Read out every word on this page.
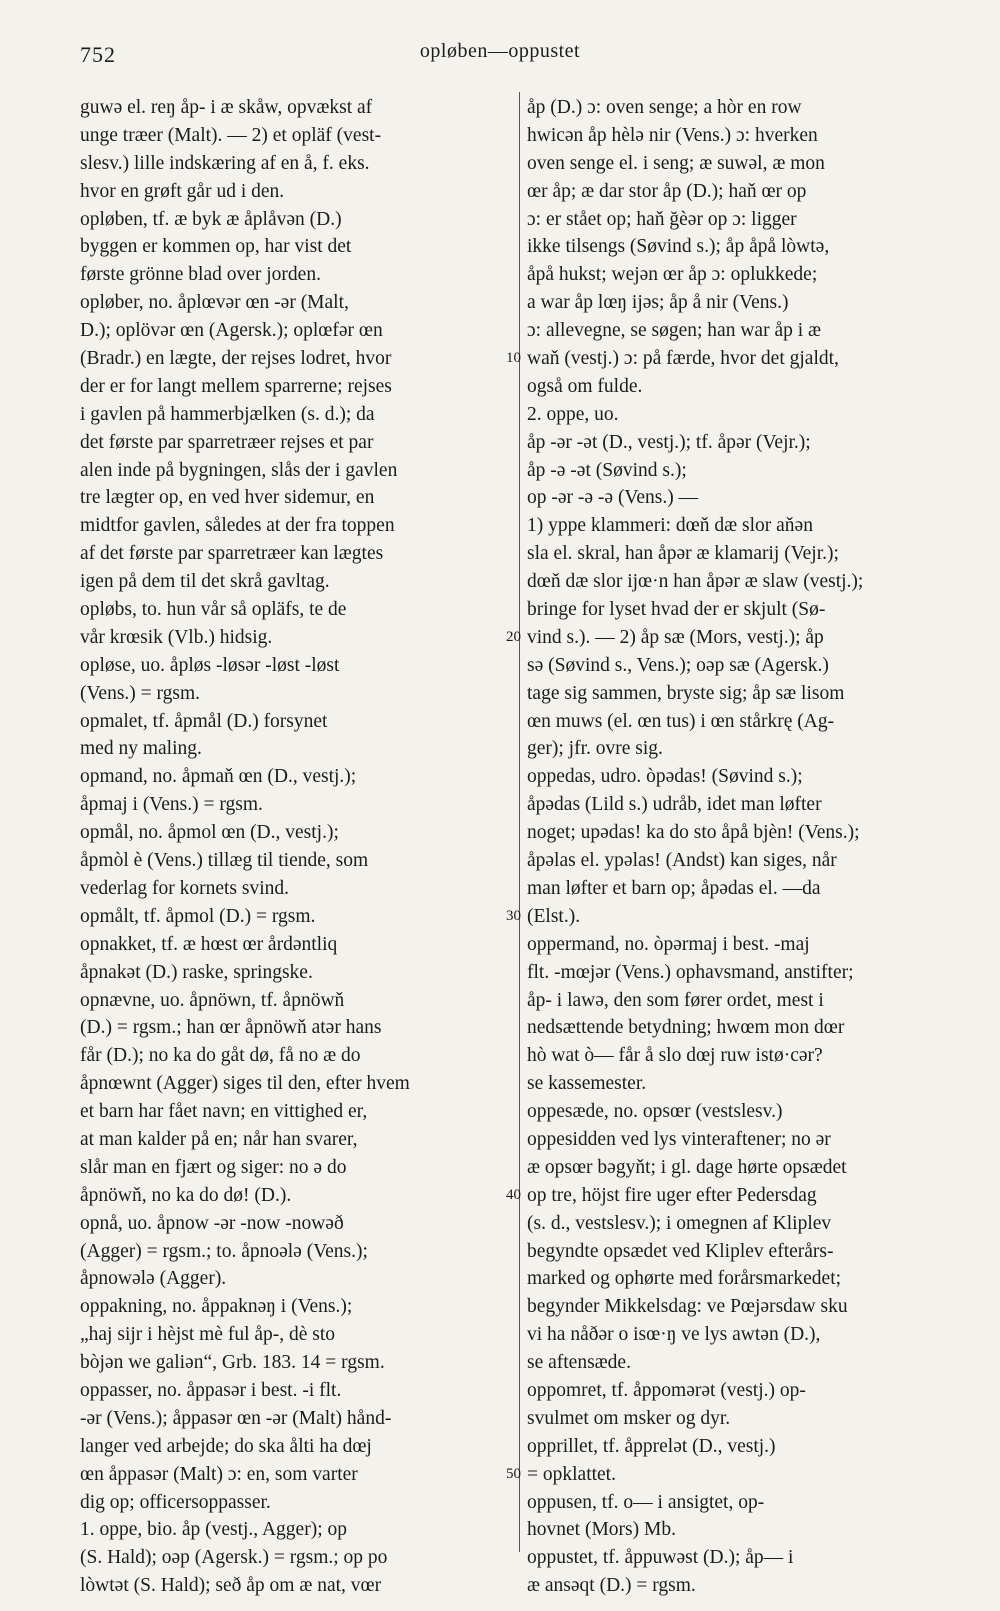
752	opløben—oppustet
guwə el. reŋ åp- i æ skåw, opvækst af
unge træer (Malt). — 2) et opläf (vest-
slesv.) lille indskæring af en å, f. eks.
hvor en grøft går ud i den.
opløben, tf. æ byk æ åplåvən (D.)
byggen er kommen op, har vist det
første grönne blad over jorden.
opløber, no. åplœvər œn -ər (Malt,
D.); oplövər œn (Agersk.); oplœfər œn
(Bradr.) en lægte, der rejses lodret, hvor
der er for langt mellem sparrerne; rejses
i gavlen på hammerbjælken (s. d.); da
det første par sparretræer rejses et par
alen inde på bygningen, slås der i gavlen
tre lægter op, en ved hver sidemur, en
midtfor gavlen, således at der fra toppen
af det første par sparretræer kan lægtes
igen på dem til det skrå gavltag.
opløbs, to. hun vår så opläfs, te de
vår krœsik (Vlb.) hidsig.
opløse, uo. åpløs -løsər -løst -løst
(Vens.) = rgsm.
opmalet, tf. åpmål (D.) forsynet
med ny maling.
opmand, no. åpmaň œn (D., vestj.);
åpmaj i (Vens.) = rgsm.
opmål, no. åpmol œn (D., vestj.);
åpmòl è (Vens.) tillæg til tiende, som
vederlag for kornets svind.
opmålt, tf. åpmol (D.) = rgsm.
opnakket, tf. æ hœst œr årdəntliq
åpnakət (D.) raske, springske.
opnævne, uo. åpnöwn, tf. åpnöwň
(D.) = rgsm.; han œr åpnöwň atər hans
får (D.); no ka do gåt dø, få no æ do
åpnœwnt (Agger) siges til den, efter hvem
et barn har fået navn; en vittighed er,
at man kalder på en; når han svarer,
slår man en fjært og siger: no ə do
åpnöwň, no ka do dø! (D.).
opnå, uo. åpnow -ər -now -nowəð
(Agger) = rgsm.; to. åpnoələ (Vens.);
åpnowələ (Agger).
oppakning, no. åppaknəŋ i (Vens.);
„haj sijr i hèjst mè ful åp-, dè sto
bòjən we galiən“, Grb. 183. 14 = rgsm.
oppasser, no. åppasər i best. -i flt.
-ər (Vens.); åppasər œn -ər (Malt) hånd-
langer ved arbejde; do ska ålti ha dœj
œn åppasər (Malt) ɔ: en, som varter
dig op; officersoppasser.
1. oppe, bio. åp (vestj., Agger); op
(S. Hald); oəp (Agersk.) = rgsm.; op po
lòwtət (S. Hald); seð åp om æ nat, vœr
åp (D.) ɔ: oven senge; a hòr en row
hwicən åp hèlə nir (Vens.) ɔ: hverken
oven senge el. i seng; æ suwəl, æ mon
œr åp; æ dar stor åp (D.); haň œr op
ɔ: er stået op; haň ğèər op ɔ: ligger
ikke tilsengs (Søvind s.); åp åpå lòwtə,
åpå hukst; wejən œr åp ɔ: oplukkede;
a war åp lœŋ ijəs; åp å nir (Vens.)
ɔ: allevegne, se søgen; han war åp i æ
waň (vestj.) ɔ: på færde, hvor det gjaldt,
også om fulde.
2. oppe, uo.
åp -ər -ət (D., vestj.); tf. åpər (Vejr.);
åp -ə -ət (Søvind s.);
op -ər -ə -ə (Vens.) —
1) yppe klammeri: dœň dæ slor aňən
sla el. skral, han åpər æ klamarij (Vejr.);
dœň dæ slor ijœ·n han åpər æ slaw (vestj.);
bringe for lyset hvad der er skjult (Sø-
vind s.). — 2) åp sæ (Mors, vestj.); åp
sə (Søvind s., Vens.); oəp sæ (Agersk.)
tage sig sammen, bryste sig; åp sæ lisom
œn muws (el. œn tus) i œn stårkrę (Ag-
ger); jfr. ovre sig.
oppedas, udro. òpədas! (Søvind s.);
åpədas (Lild s.) udråb, idet man løfter
noget; upədas! ka do sto åpå bjèn! (Vens.);
åpəlas el. ypəlas! (Andst) kan siges, når
man løfter et barn op; åpədas el. —da
(Elst.).
oppermand, no. òpərmaj i best. -maj
flt. -mœjər (Vens.) ophavsmand, anstifter;
åp- i lawə, den som fører ordet, mest i
nedsættende betydning; hwœm mon dœr
hò wat ò— får å slo dœj ruw istø·cər?
se kassemester.
oppesæde, no. opsœr (vestslesv.)
oppesidden ved lys vinteraftener; no ər
æ opsœr bəgyňt; i gl. dage hørte opsædet
op tre, höjst fire uger efter Pedersdag
(s. d., vestslesv.); i omegnen af Kliplev
begyndte opsædet ved Kliplev efterårs-
marked og ophørte med forårsmarkedet;
begynder Mikkelsdag: ve Pœjərsdaw sku
vi ha nåðər o isœ·ŋ ve lys awtən (D.),
se aftensæde.
oppomret, tf. åppomərət (vestj.) op-
svulmet om msker og dyr.
opprillet, tf. åpprelət (D., vestj.)
= opklattet.
oppusen, tf. o— i ansigtet, op-
hovnet (Mors) Mb.
oppustet, tf. åppuwəst (D.); åp— i
æ ansəqt (D.) = rgsm.
10
20
30
40
50
